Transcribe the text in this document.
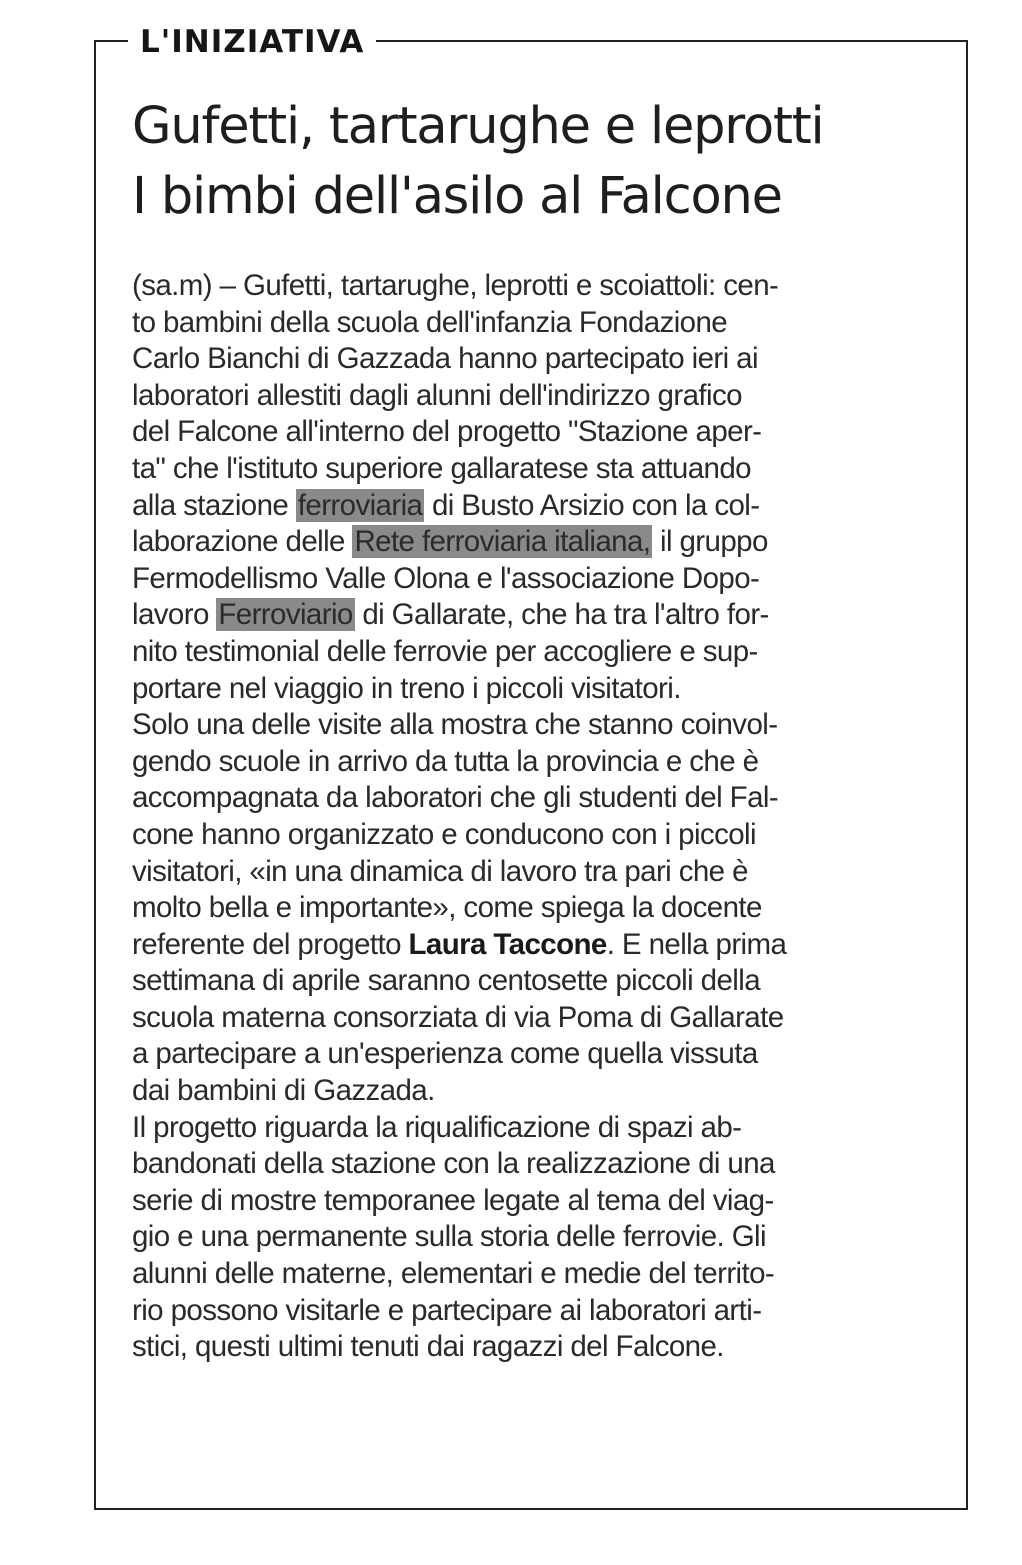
L'INIZIATIVA
Gufetti, tartarughe e leprotti
I bimbi dell'asilo al Falcone
(sa.m) – Gufetti, tartarughe, leprotti e scoiattoli: cen-
to bambini della scuola dell'infanzia Fondazione
Carlo Bianchi di Gazzada hanno partecipato ieri ai
laboratori allestiti dagli alunni dell'indirizzo grafico
del Falcone all'interno del progetto "Stazione aper-
ta" che l'istituto superiore gallaratese sta attuando
alla stazione ferroviaria di Busto Arsizio con la col-
laborazione delle Rete ferroviaria italiana, il gruppo
Fermodellismo Valle Olona e l'associazione Dopo-
lavoro Ferroviario di Gallarate, che ha tra l'altro for-
nito testimonial delle ferrovie per accogliere e sup-
portare nel viaggio in treno i piccoli visitatori.
Solo una delle visite alla mostra che stanno coinvol-
gendo scuole in arrivo da tutta la provincia e che è
accompagnata da laboratori che gli studenti del Fal-
cone hanno organizzato e conducono con i piccoli
visitatori, «in una dinamica di lavoro tra pari che è
molto bella e importante», come spiega la docente
referente del progetto Laura Taccone. E nella prima
settimana di aprile saranno centosette piccoli della
scuola materna consorziata di via Poma di Gallarate
a partecipare a un'esperienza come quella vissuta
dai bambini di Gazzada.
Il progetto riguarda la riqualificazione di spazi ab-
bandonati della stazione con la realizzazione di una
serie di mostre temporanee legate al tema del viag-
gio e una permanente sulla storia delle ferrovie. Gli
alunni delle materne, elementari e medie del territo-
rio possono visitarle e partecipare ai laboratori arti-
stici, questi ultimi tenuti dai ragazzi del Falcone.
